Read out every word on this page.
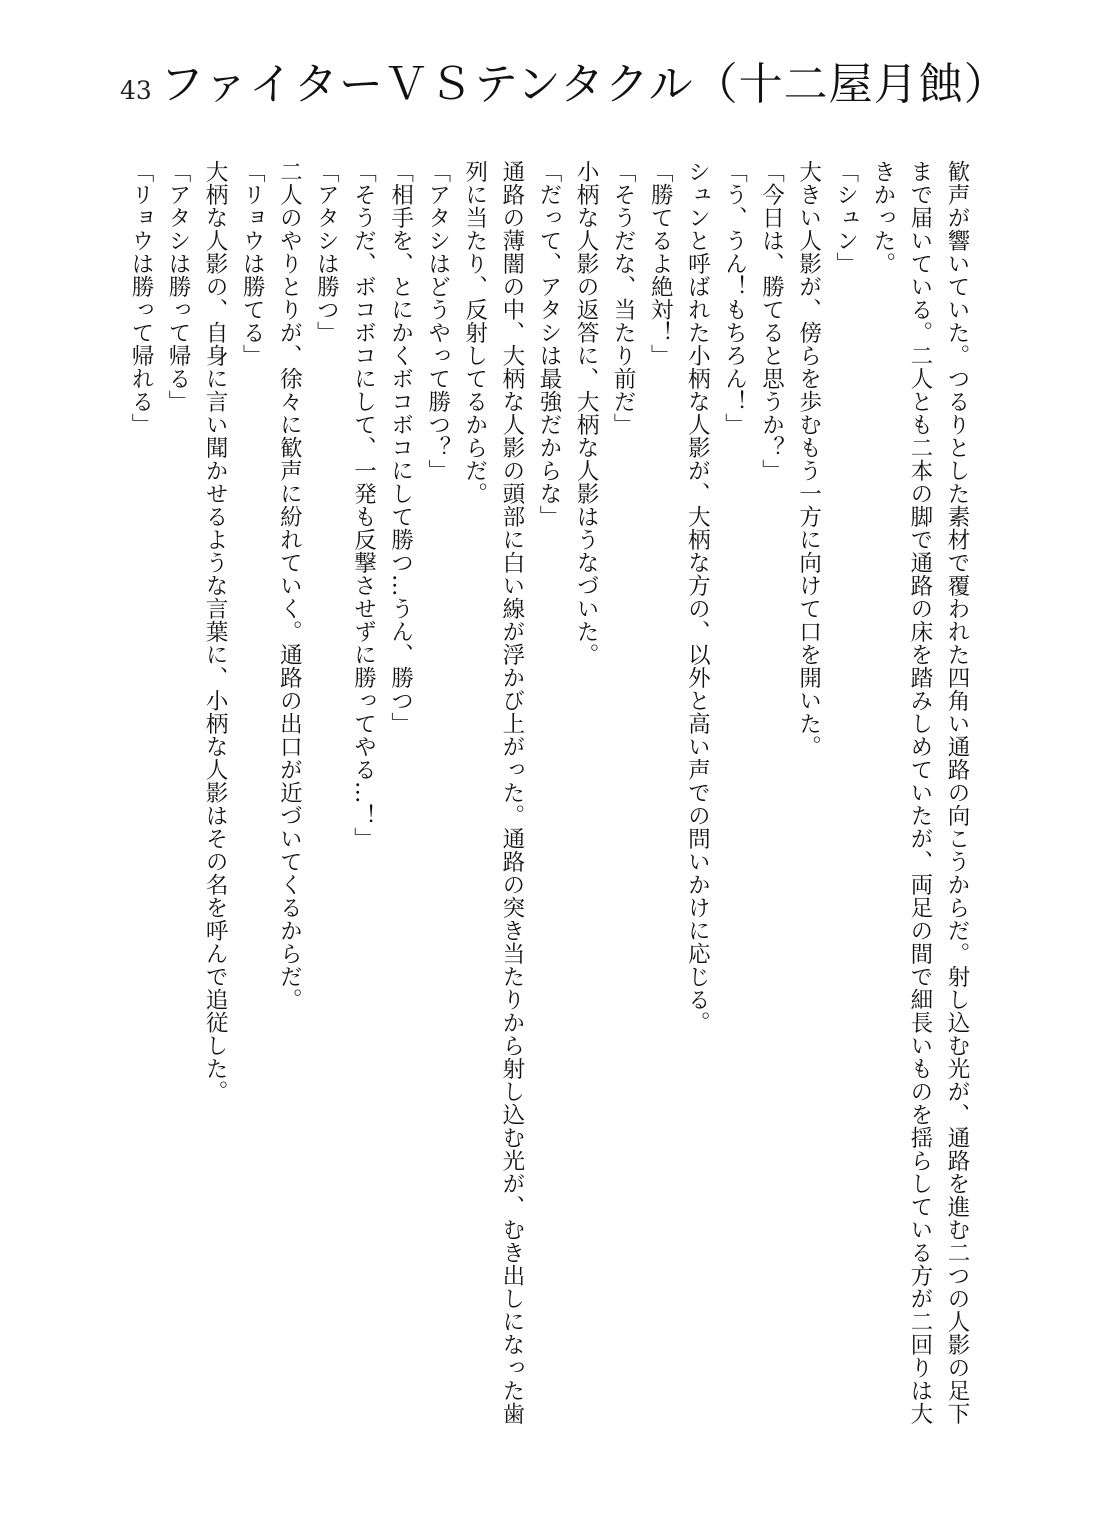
43 ファイターＶＳテンタクル（十二屋月蝕）

歓声が響いていた。つるりとした素材で覆われた四角い通路の向こうからだ。射し込む光が、通路を進む二つの人影の足下まで届いている。二人とも二本の脚で通路の床を踏みしめていたが、両足の間で細長いものを揺らしている方が二回りは大きかった。

「シュン」

大きい人影が、傍らを歩むもう一方に向けて口を開いた。

「今日は、勝てると思うか？」

「う、うん！もちろん！」

シュンと呼ばれた小柄な人影が、大柄な方の、以外と高い声での問いかけに応じる。

「勝てるよ絶対！」

「そうだな、当たり前だ」

小柄な人影の返答に、大柄な人影はうなづいた。

「だって、アタシは最強だからな」

通路の薄闇の中、大柄な人影の頭部に白い線が浮かび上がった。通路の突き当たりから射し込む光が、むき出しになった歯列に当たり、反射してるからだ。

「アタシはどうやって勝つ？」

「相手を、とにかくボコボコにして勝つ…うん、勝つ」

「そうだ、ボコボコにして、一発も反撃させずに勝ってやる…！」

「アタシは勝つ」

二人のやりとりが、徐々に歓声に紛れていく。通路の出口が近づいてくるからだ。

「リョウは勝てる」

大柄な人影の、自身に言い聞かせるような言葉に、小柄な人影はその名を呼んで追従した。

「アタシは勝って帰る」

「リョウは勝って帰れる」
